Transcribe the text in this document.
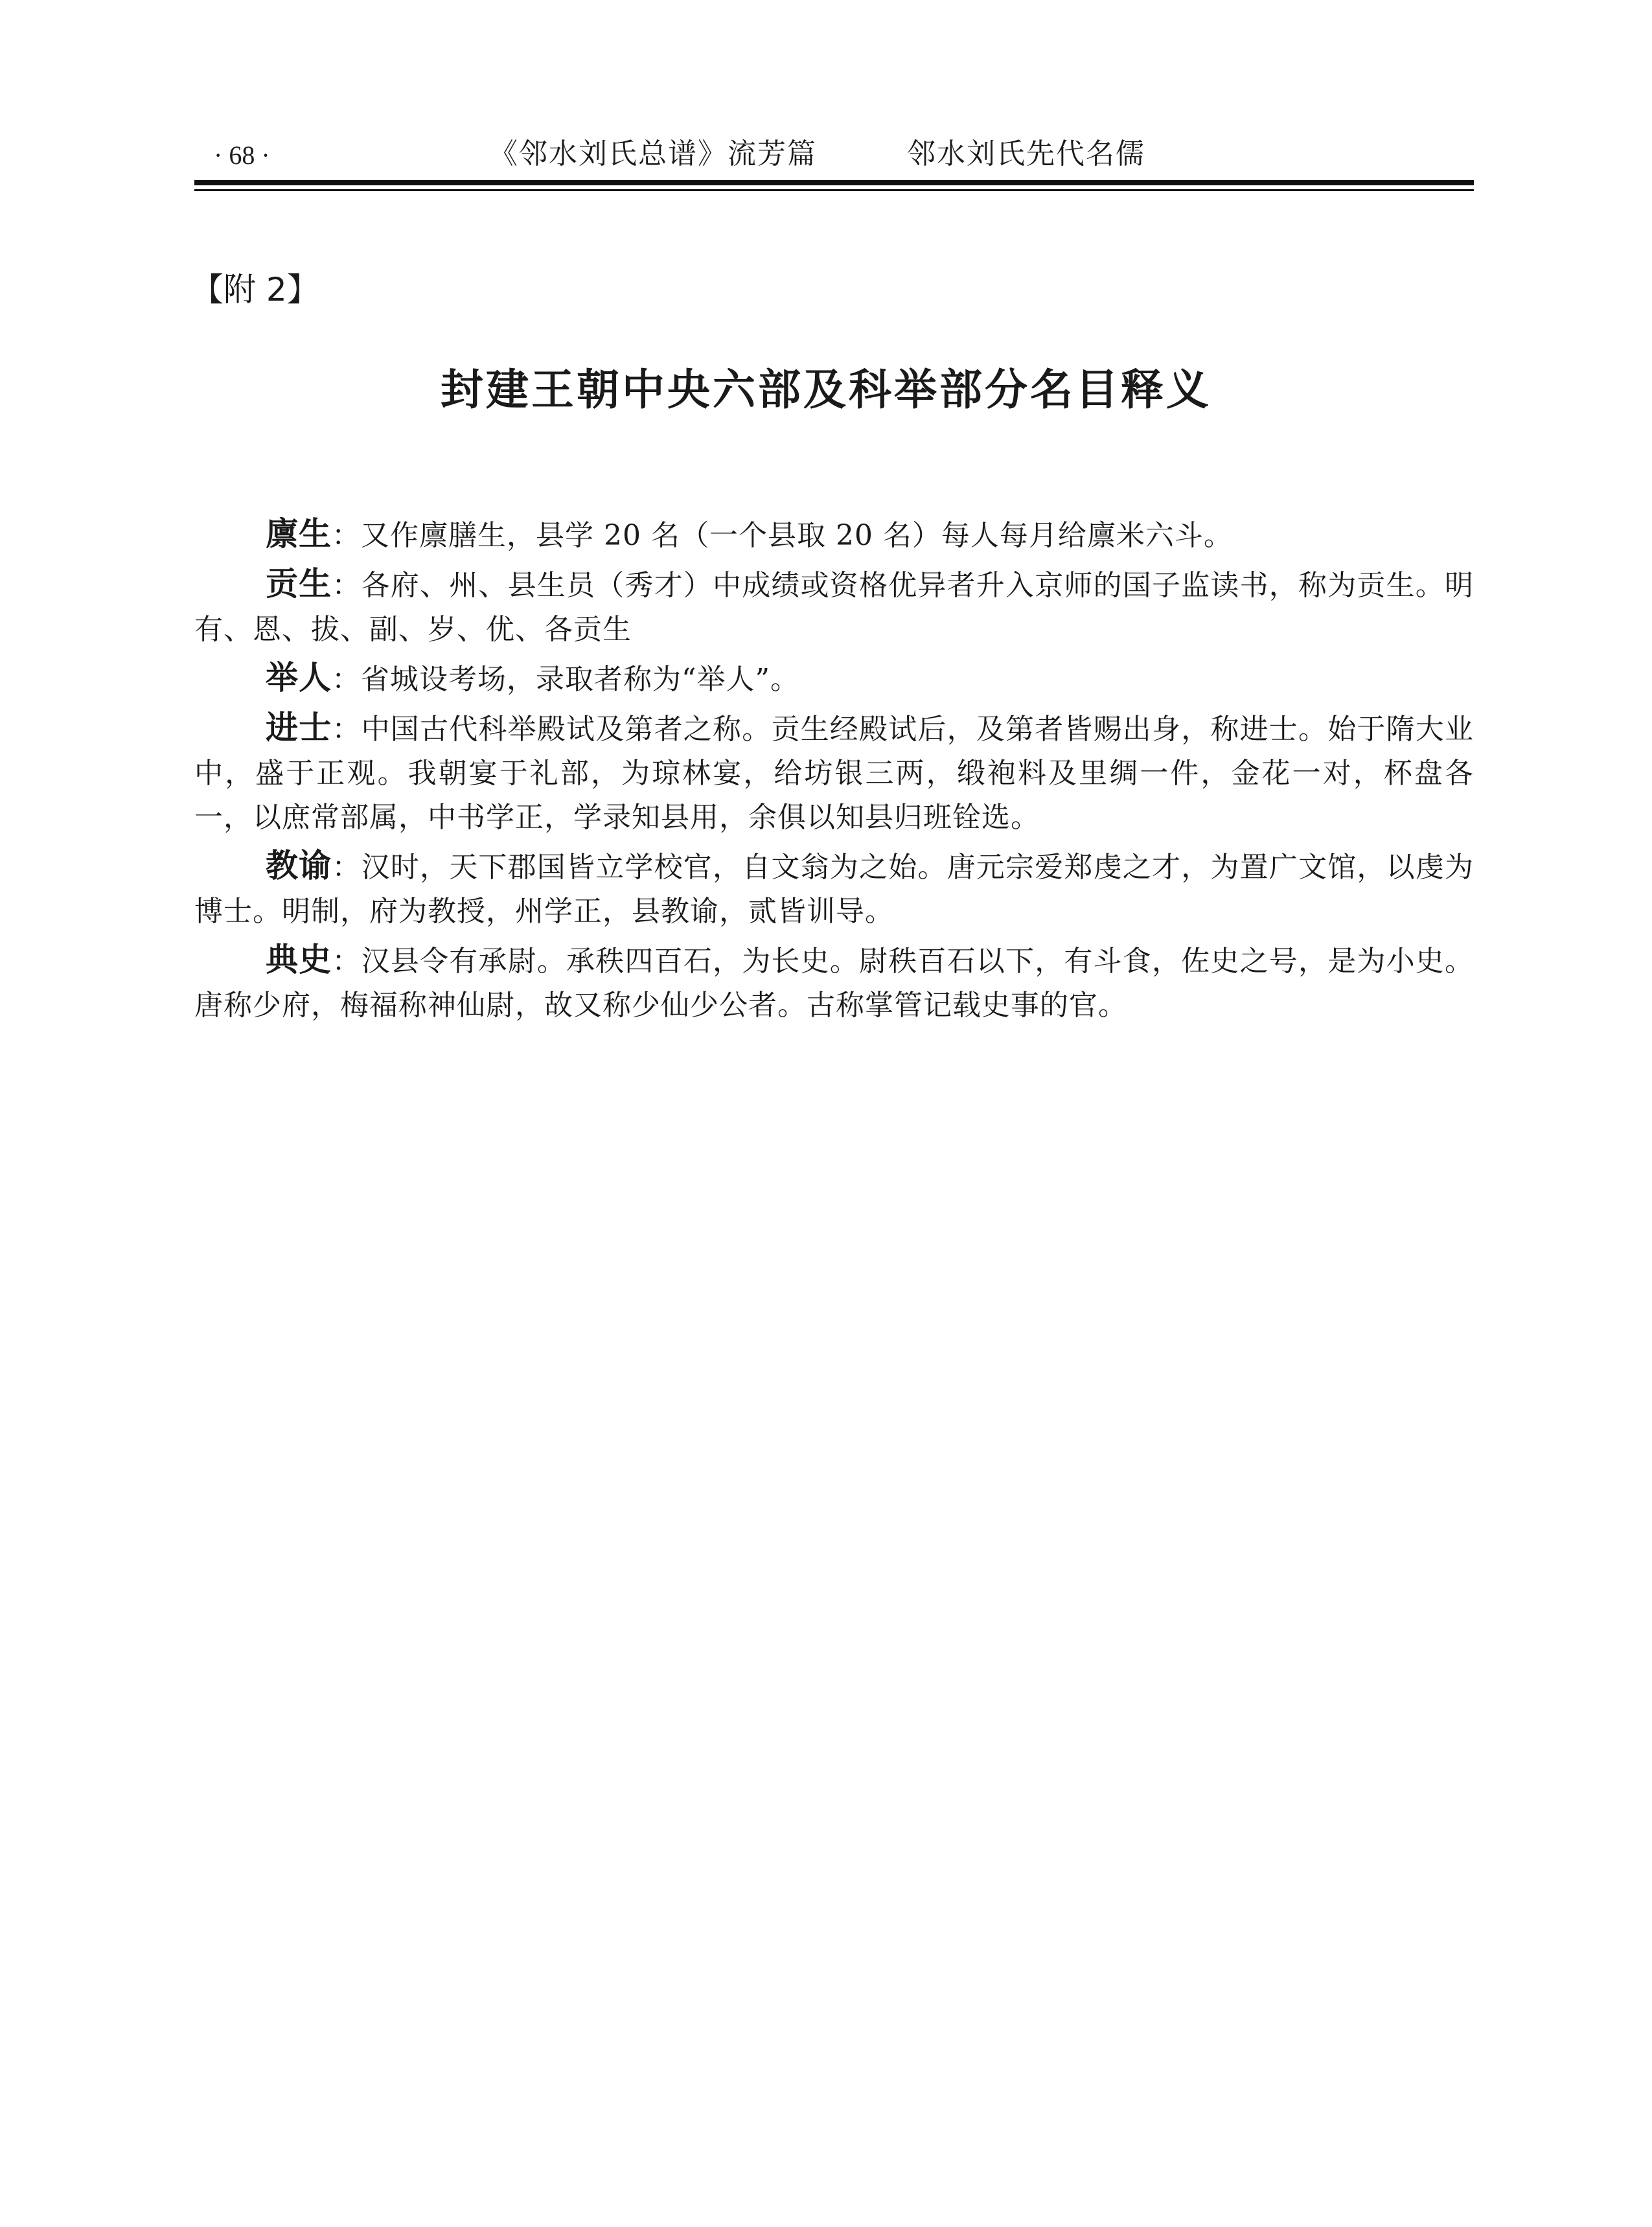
· 68 ·	《邻水刘氏总谱》流芳篇	邻水刘氏先代名儒
【附 2】
封建王朝中央六部及科举部分名目释义

廪生：又作廪膳生，县学 20 名（一个县取 20 名）每人每月给廪米六斗。

贡生：各府、州、县生员（秀才）中成绩或资格优异者升入京师的国子监读书，称为贡生。明有、恩、拔、副、岁、优、各贡生

举人：省城设考场，录取者称为“举人”。

进士：中国古代科举殿试及第者之称。贡生经殿试后，及第者皆赐出身，称进士。始于隋大业中，盛于正观。我朝宴于礼部，为琼林宴，给坊银三两，缎袍料及里绸一件，金花一对，杯盘各一，以庶常部属，中书学正，学录知县用，余俱以知县归班铨选。

教谕：汉时，天下郡国皆立学校官，自文翁为之始。唐元宗爱郑虔之才，为置广文馆，以虔为博士。明制，府为教授，州学正，县教谕，贰皆训导。

典史：汉县令有承尉。承秩四百石，为长史。尉秩百石以下，有斗食，佐史之号，是为小史。唐称少府，梅福称神仙尉，故又称少仙少公者。古称掌管记载史事的官。
